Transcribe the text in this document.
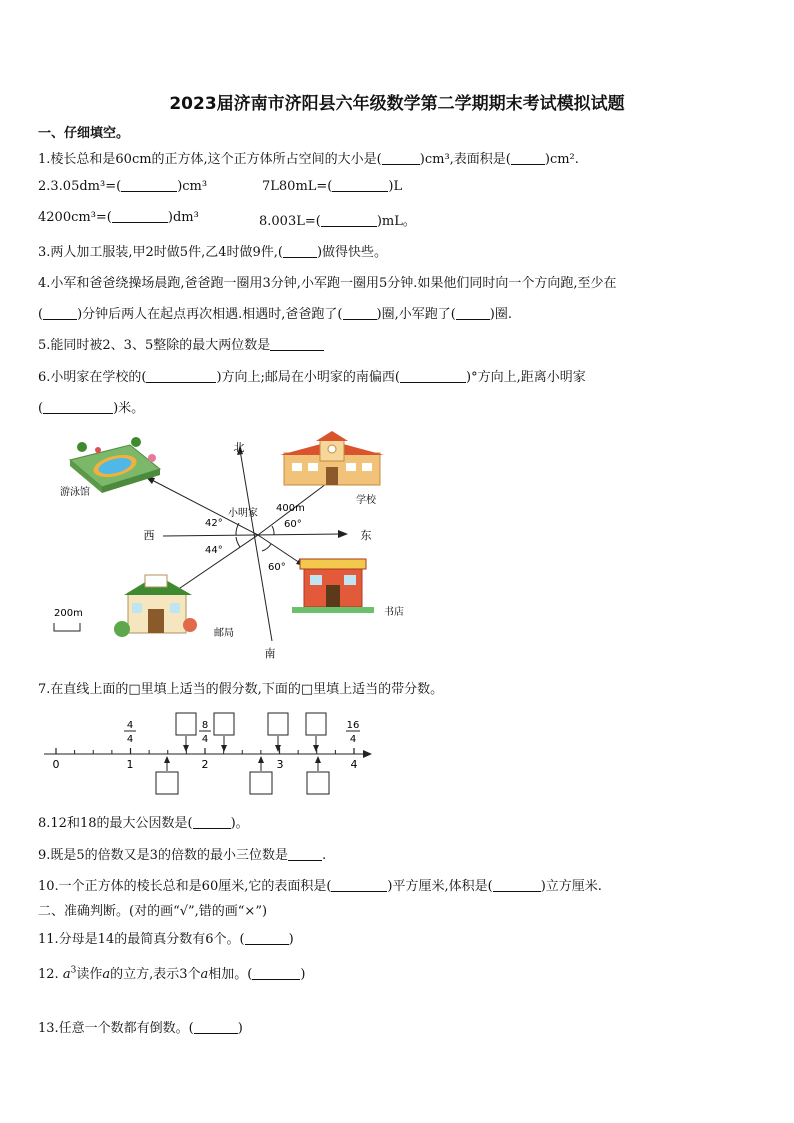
2023届济南市济阳县六年级数学第二学期期末考试模拟试题
一、仔细填空。
1.棱长总和是60cm的正方体,这个正方体所占空间的大小是(	)cm³,表面积是(	)cm².
2.3.05dm³=(	)cm³	7L80mL=(	)L
4200cm³=(	)dm³	8.003L=(	)mL。
3.两人加工服装,甲2时做5件,乙4时做9件,(	)做得快些。
4.小军和爸爸绕操场晨跑,爸爸跑一圈用3分钟,小军跑一圈用5分钟.如果他们同时向一个方向跑,至少在
(	)分钟后两人在起点再次相遇.相遇时,爸爸跑了(	)圈,小军跑了(	)圈.
5.能同时被2、3、5整除的最大两位数是
6.小明家在学校的(	)方向上;邮局在小明家的南偏西(	)°方向上,距离小明家
(	)米。
北
南
东
西
小明家 400m
42°
44°
60°
60°
游泳馆
学校
邮局
书店
200m
7.在直线上面的□里填上适当的假分数,下面的□里填上适当的带分数。
0	1	2	3	4
4
4
8
4
16
4
8.12和18的最大公因数是(	)。
9.既是5的倍数又是3的倍数的最小三位数是	.
10.一个正方体的棱长总和是60厘米,它的表面积是(	)平方厘米,体积是(	)立方厘米.
二、准确判断。(对的画“√”,错的画“×”)
11.分母是14的最简真分数有6个。(	)
12. $a^3$读作a的立方,表示3个a相加。(	)
13.任意一个数都有倒数。(	)
